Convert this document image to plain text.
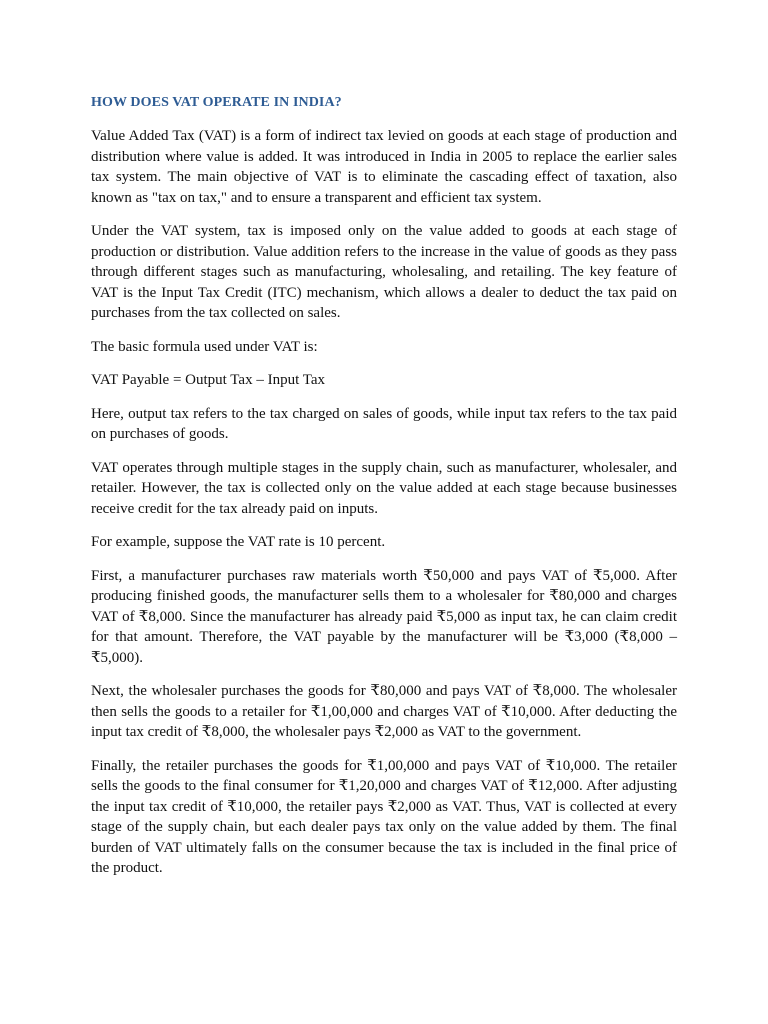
HOW DOES VAT OPERATE IN INDIA?

Value Added Tax (VAT) is a form of indirect tax levied on goods at each stage of production and distribution where value is added. It was introduced in India in 2005 to replace the earlier sales tax system. The main objective of VAT is to eliminate the cascading effect of taxation, also known as "tax on tax," and to ensure a transparent and efficient tax system.

Under the VAT system, tax is imposed only on the value added to goods at each stage of production or distribution. Value addition refers to the increase in the value of goods as they pass through different stages such as manufacturing, wholesaling, and retailing. The key feature of VAT is the Input Tax Credit (ITC) mechanism, which allows a dealer to deduct the tax paid on purchases from the tax collected on sales.

The basic formula used under VAT is:

VAT Payable = Output Tax – Input Tax

Here, output tax refers to the tax charged on sales of goods, while input tax refers to the tax paid on purchases of goods.

VAT operates through multiple stages in the supply chain, such as manufacturer, wholesaler, and retailer. However, the tax is collected only on the value added at each stage because businesses receive credit for the tax already paid on inputs.

For example, suppose the VAT rate is 10 percent.

First, a manufacturer purchases raw materials worth ₹50,000 and pays VAT of ₹5,000. After producing finished goods, the manufacturer sells them to a wholesaler for ₹80,000 and charges VAT of ₹8,000. Since the manufacturer has already paid ₹5,000 as input tax, he can claim credit for that amount. Therefore, the VAT payable by the manufacturer will be ₹3,000 (₹8,000 – ₹5,000).

Next, the wholesaler purchases the goods for ₹80,000 and pays VAT of ₹8,000. The wholesaler then sells the goods to a retailer for ₹1,00,000 and charges VAT of ₹10,000. After deducting the input tax credit of ₹8,000, the wholesaler pays ₹2,000 as VAT to the government.

Finally, the retailer purchases the goods for ₹1,00,000 and pays VAT of ₹10,000. The retailer sells the goods to the final consumer for ₹1,20,000 and charges VAT of ₹12,000. After adjusting the input tax credit of ₹10,000, the retailer pays ₹2,000 as VAT. Thus, VAT is collected at every stage of the supply chain, but each dealer pays tax only on the value added by them. The final burden of VAT ultimately falls on the consumer because the tax is included in the final price of the product.
